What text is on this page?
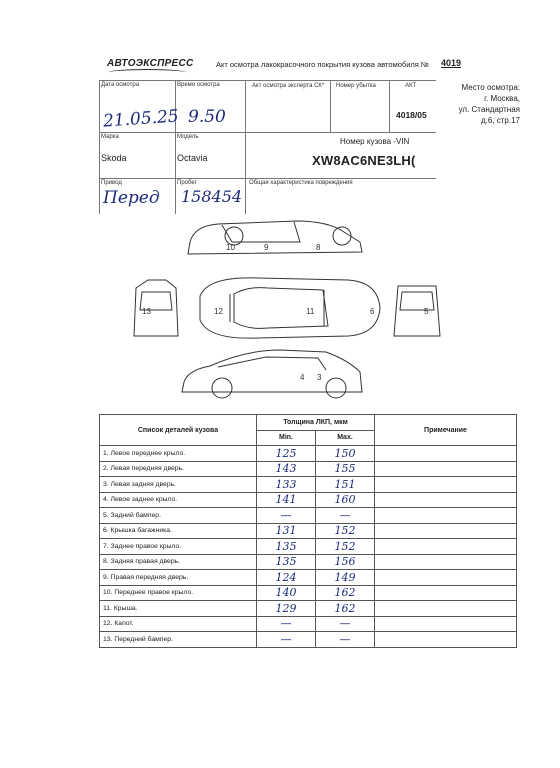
АВТОЭКСПРЕСС	Акт осмотра лакокрасочного покрытия кузова автомобиля № 4019
Дата осмотра
21.05.25
Время осмотра
9.50
Акт осмотра эксперта СК* Номер убытка	АКТ
4018/05
Место осмотра:
г. Москва,
ул. Стандартная
д.6, стр.17
Марка
Skoda
Модель
Octavia
Номер кузова -VIN
XW8AC6NE3LH(
Привод
Перед
Пробег
158454
Общая характеристика повреждения
10	9	8
13	12	11	6	5
4 3
Список деталей кузова	Толщина ЛКП, мкм		Примечание
	Min.	Max.	
1. Левое переднее крыло.	125	150	
2. Левая передняя дверь.	143	155	
3. Левая задняя дверь.	133	151	
4. Левое заднее крыло.	141	160	
5. Задний бампер.	—	—	
6. Крышка багажника.	131	152	
7. Заднее правое крыло.	135	152	
8. Задняя правая дверь.	135	156	
9. Правая передняя дверь.	124	149	
10. Переднее правое крыло.	140	162	
11. Крыша.	129	162	
12. Капот.	—	—	
13. Передний бампер.	—	—	
